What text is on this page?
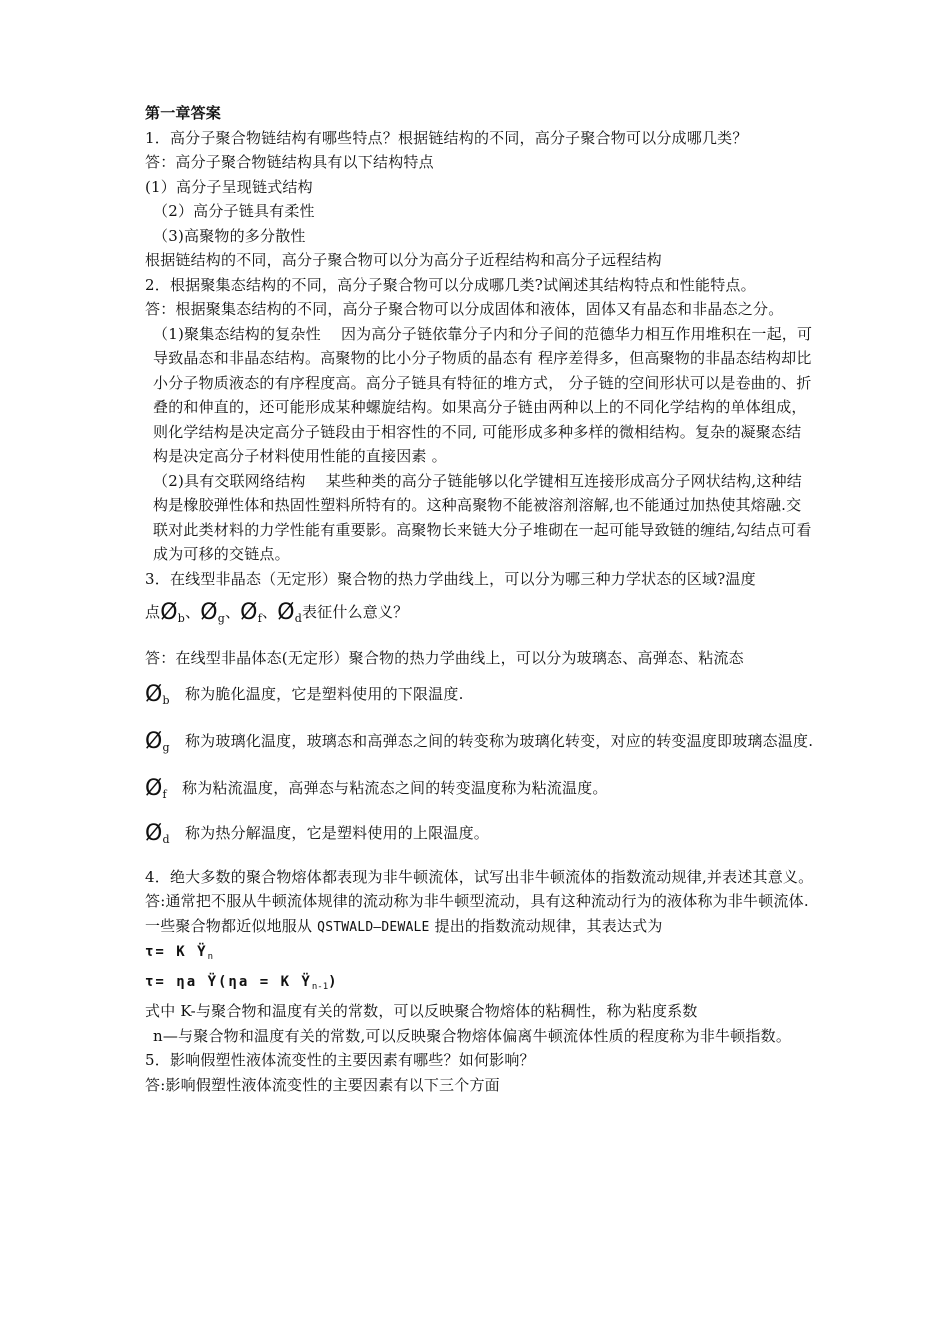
第一章答案

1．高分子聚合物链结构有哪些特点？根据链结构的不同，高分子聚合物可以分成哪几类？

答：高分子聚合物链结构具有以下结构特点

(1）高分子呈现链式结构

（2）高分子链具有柔性

（3)高聚物的多分散性

根据链结构的不同，高分子聚合物可以分为高分子近程结构和高分子远程结构

2．根据聚集态结构的不同，高分子聚合物可以分成哪几类?试阐述其结构特点和性能特点。

答：根据聚集态结构的不同，高分子聚合物可以分成固体和液体，固体又有晶态和非晶态之分。

（1)聚集态结构的复杂性　 因为高分子链依靠分子内和分子间的范德华力相互作用堆积在一起，可导致晶态和非晶态结构。高聚物的比小分子物质的晶态有 程序差得多，但高聚物的非晶态结构却比小分子物质液态的有序程度高。高分子链具有特征的堆方式， 分子链的空间形状可以是卷曲的、折叠的和伸直的，还可能形成某种螺旋结构。如果高分子链由两种以上的不同化学结构的单体组成，则化学结构是决定高分子链段由于相容性的不同, 可能形成多种多样的微相结构。复杂的凝聚态结构是决定高分子材料使用性能的直接因素 。

（2)具有交联网络结构　 某些种类的高分子链能够以化学键相互连接形成高分子网状结构,这种结构是橡胶弹性体和热固性塑料所特有的。这种高聚物不能被溶剂溶解,也不能通过加热使其熔融.交联对此类材料的力学性能有重要影。高聚物长来链大分子堆砌在一起可能导致链的缠结,勾结点可看成为可移的交链点。

3．在线型非晶态（无定形）聚合物的热力学曲线上，可以分为哪三种力学状态的区域?温度

点$Ø_b$、$Ø_g$、$Ø_f$、$Ø_d$表征什么意义？

答：在线型非晶体态(无定形）聚合物的热力学曲线上，可以分为玻璃态、高弹态、粘流态

$Ø_b$　 称为脆化温度，它是塑料使用的下限温度.

$Ø_g$　 称为玻璃化温度，玻璃态和高弹态之间的转变称为玻璃化转变，对应的转变温度即玻璃态温度.

$Ø_f$　 称为粘流温度，高弹态与粘流态之间的转变温度称为粘流温度。

$Ø_d$　 称为热分解温度，它是塑料使用的上限温度。

4．绝大多数的聚合物熔体都表现为非牛顿流体，试写出非牛顿流体的指数流动规律,并表述其意义。

答:通常把不服从牛顿流体规律的流动称为非牛顿型流动，具有这种流动行为的液体称为非牛顿流体.一些聚合物都近似地服从 QSTWALD—DEWALE 提出的指数流动规律，其表达式为

τ= K $Ÿ_n$

τ= ηa Ÿ(ηa = K $Ÿ_{n-1}$)

式中 K-与聚合物和温度有关的常数，可以反映聚合物熔体的粘稠性，称为粘度系数

n—与聚合物和温度有关的常数,可以反映聚合物熔体偏离牛顿流体性质的程度称为非牛顿指数。

5．影响假塑性液体流变性的主要因素有哪些？如何影响？

答:影响假塑性液体流变性的主要因素有以下三个方面
